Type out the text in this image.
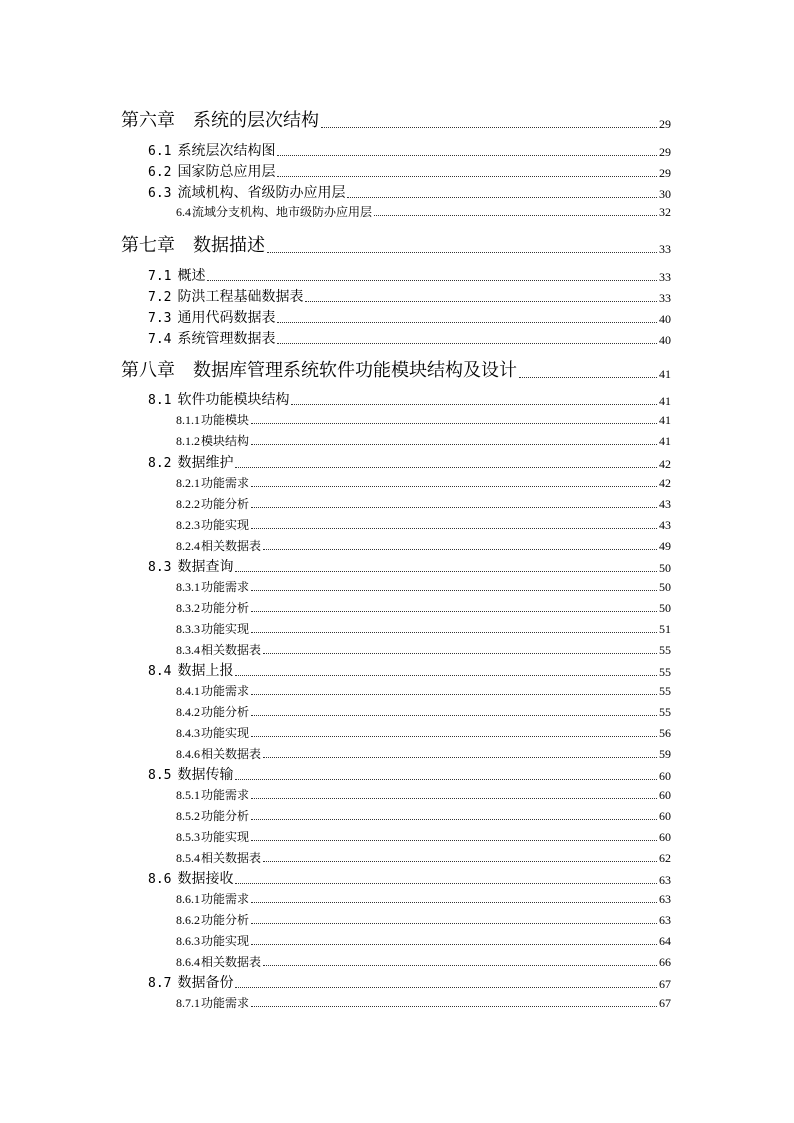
第六章 系统的层次结构	29
6.1 系统层次结构图	29
6.2 国家防总应用层	29
6.3 流域机构、省级防办应用层	30
6.4流域分支机构、地市级防办应用层	32
第七章 数据描述	33
7.1 概述	33
7.2 防洪工程基础数据表	33
7.3 通用代码数据表	40
7.4 系统管理数据表	40
第八章 数据库管理系统软件功能模块结构及设计	41
8.1 软件功能模块结构	41
8.1.1功能模块	41
8.1.2模块结构	41
8.2 数据维护	42
8.2.1功能需求	42
8.2.2功能分析	43
8.2.3功能实现	43
8.2.4相关数据表	49
8.3 数据查询	50
8.3.1功能需求	50
8.3.2功能分析	50
8.3.3功能实现	51
8.3.4相关数据表	55
8.4 数据上报	55
8.4.1功能需求	55
8.4.2功能分析	55
8.4.3功能实现	56
8.4.6相关数据表	59
8.5 数据传输	60
8.5.1功能需求	60
8.5.2功能分析	60
8.5.3功能实现	60
8.5.4相关数据表	62
8.6 数据接收	63
8.6.1功能需求	63
8.6.2功能分析	63
8.6.3功能实现	64
8.6.4相关数据表	66
8.7 数据备份	67
8.7.1功能需求	67
